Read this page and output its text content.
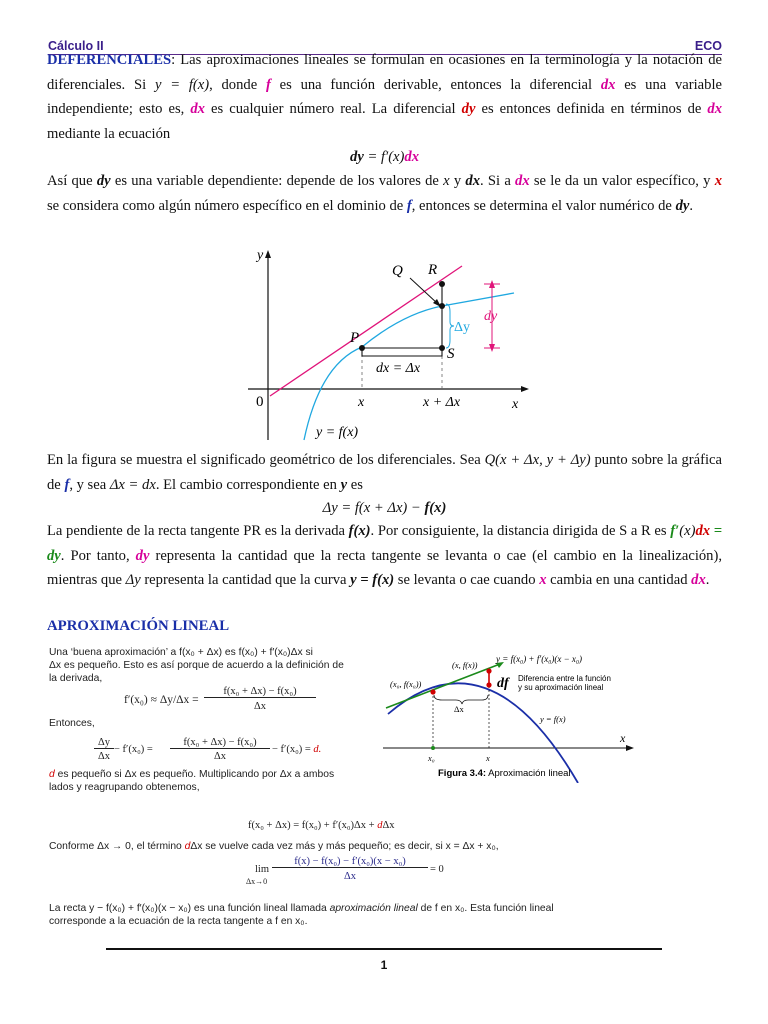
Cálculo II	ECO

DEFERENCIALES: Las aproximaciones lineales se formulan en ocasiones en la terminología y la notación de diferenciales. Si y = f(x), donde f es una función derivable, entonces la diferencial dx es una variable independiente; esto es, dx es cualquier número real. La diferencial dy es entonces definida en términos de dx mediante la ecuación

dy = f′(x)dx

Así que dy es una variable dependiente: depende de los valores de x y dx. Si a dx se le da un valor específico, y x se considera como algún número específico en el dominio de f, entonces se determina el valor numérico de dy.

y
x
0
Q R
P
S
Δy
dy
dx = Δx
x	x + Δx
y = f(x)

En la figura se muestra el significado geométrico de los diferenciales. Sea Q(x + Δx, y + Δy) punto sobre la gráfica de f, y sea Δx = dx. El cambio correspondiente en y es

Δy = f(x + Δx) − f(x)

La pendiente de la recta tangente PR es la derivada f(x). Por consiguiente, la distancia dirigida de S a R es f′(x)dx = dy. Por tanto, dy representa la cantidad que la recta tangente se levanta o cae (el cambio en la linealización), mientras que Δy representa la cantidad que la curva y = f(x) se levanta o cae cuando x cambia en una cantidad dx.

APROXIMACIÓN LINEAL
Una ‘buena aproximación’ a f(x₀ + Δx) es f(x₀) + f′(x₀)Δx si
Δx es pequeño. Esto es así porque de acuerdo a la definición de
la derivada,
f′(x₀) ≈ Δy/Δx =
f(x₀ + Δx) − f(x₀)
Δx
Entonces,
Δy
Δx
− f′(x₀) =
f(x₀ + Δx) − f(x₀)
Δx
− f′(x₀) = d.
d es pequeño si Δx es pequeño. Multiplicando por Δx a ambos
lados y reagrupando obtenemos,
f(x₀ + Δx) = f(x₀) + f′(x₀)Δx + dΔx
Conforme Δx → 0, el término dΔx se vuelve cada vez más y más pequeño; es decir, si x = Δx + x₀,
lim
Δx→0
f(x) − f(x₀) − f′(x₀)(x − x₀)
Δx
= 0
La recta y − f(x₀) + f′(x₀)(x − x₀) es una función lineal llamada aproximación lineal de f en x₀. Esta función lineal
corresponde a la ecuación de la recta tangente a f en x₀.
y = f(x₀) + f′(x₀)(x − x₀)
(x, f(x))
(x₀, f(x₀))	df Diferencia entre la función
y su aproximación lineal
Δx
y = f(x)
x
x₀	x
Figura 3.4: Aproximación lineal
1
